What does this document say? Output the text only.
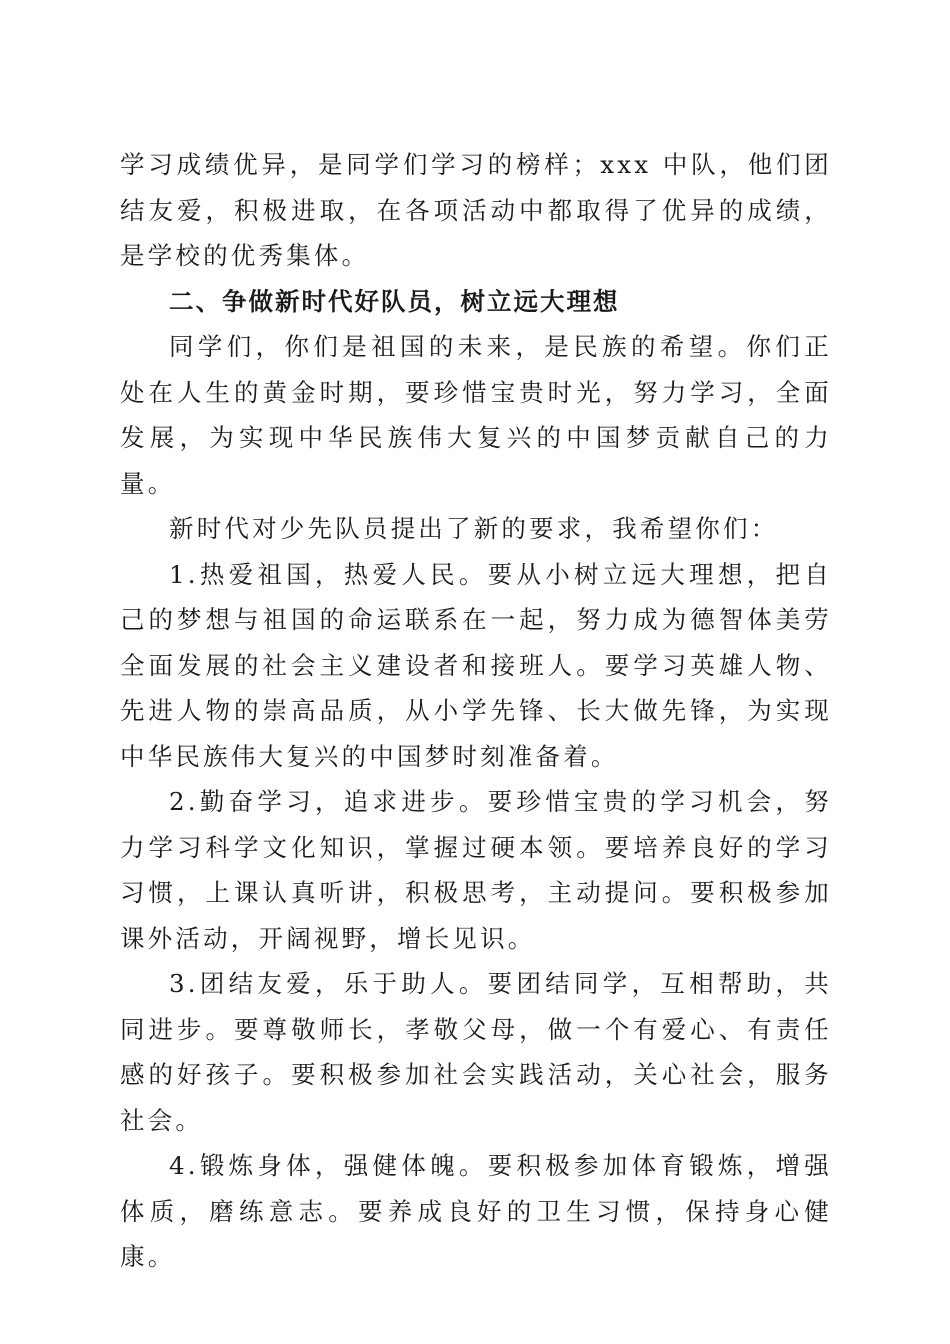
学习成绩优异，是同学们学习的榜样；xxx 中队，他们团结友爱，积极进取，在各项活动中都取得了优异的成绩，是学校的优秀集体。

二、争做新时代好队员，树立远大理想

同学们，你们是祖国的未来，是民族的希望。你们正处在人生的黄金时期，要珍惜宝贵时光，努力学习，全面发展，为实现中华民族伟大复兴的中国梦贡献自己的力量。

新时代对少先队员提出了新的要求，我希望你们：

1.热爱祖国，热爱人民。要从小树立远大理想，把自己的梦想与祖国的命运联系在一起，努力成为德智体美劳全面发展的社会主义建设者和接班人。要学习英雄人物、先进人物的崇高品质，从小学先锋、长大做先锋，为实现中华民族伟大复兴的中国梦时刻准备着。

2.勤奋学习，追求进步。要珍惜宝贵的学习机会，努力学习科学文化知识，掌握过硬本领。要培养良好的学习习惯，上课认真听讲，积极思考，主动提问。要积极参加课外活动，开阔视野，增长见识。

3.团结友爱，乐于助人。要团结同学，互相帮助，共同进步。要尊敬师长，孝敬父母，做一个有爱心、有责任感的好孩子。要积极参加社会实践活动，关心社会，服务社会。

4.锻炼身体，强健体魄。要积极参加体育锻炼，增强体质，磨练意志。要养成良好的卫生习惯，保持身心健康。
